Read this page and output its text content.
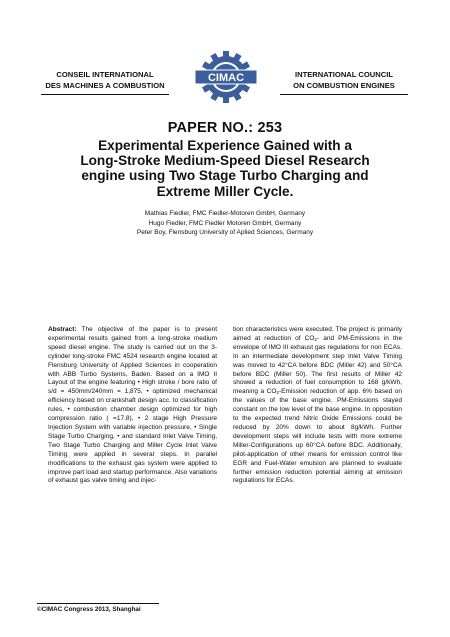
CONSEIL INTERNATIONAL
DES MACHINES A COMBUSTION
CIMAC	INTERNATIONAL COUNCIL
ON COMBUSTION ENGINES
PAPER NO.: 253
Experimental Experience Gained with a
Long-Stroke Medium-Speed Diesel Research
engine using Two Stage Turbo Charging and
Extreme Miller Cycle.
Mathias Fiedler, FMC Fiedler-Motoren GmbH, Germany
Hugo Fiedler, FMC Fiedler Motoren GmbH, Germany
Peter Boy, Flensburg University of Aplied Sciences, Germany

Abstract: The objective of the paper is to present experimental results gained from a long-stroke medium speed diesel engine. The study is carried out on the 3-cylinder long-stroke FMC 4524 research engine located at Flensburg University of Applied Sciences in cooperation with ABB Turbo Systems, Baden. Based on a IMO II Layout of the engine featuring • High stroke / bore ratio of s/d = 450mm/240mm = 1,875, • optimized mechanical efficiency based on crankshaft design acc. to classification rules, • combustion chamber design optimized for high compression ratio ( =17.8), • 2 stage High Pressure Injection System with variable injection pressure, • Single Stage Turbo Charging, • and standard Inlet Valve Timing, Two Stage Turbo Charging and Miller Cycle Inlet Valve Timing were applied in several steps. In parallel modifications to the exhaust gas system were applied to improve part load and startup performance. Also variations of exhaust gas valve timing and injec-

tion characteristics were executed. The project is primarily aimed at reduction of $CO_2-$ and PM-Emissions in the envelope of IMO III exhaust gas regulations for non ECAs. In an intermediate development step Inlet Valve Timing was moved to 42°CA before BDC (Miller 42) and 50°CA before BDC (Miller 50). The first results of Miller 42 showed a reduction of fuel consumption to 168 g/kWh, meaning a $CO_2$-Emission reduction of app. 6% based on the values of the base engine. PM-Emissions stayed constant on the low level of the base engine. In opposition to the expected trend Nitric Oxide Emissions could be reduced by 20% down to about 8g/kWh. Further development steps will include tests with more extreme Miller-Configurations up 60°CA before BDC. Additionally, pilot-application of other means for emission control like EGR and Fuel-Water emulsion are planned to evaluate further emission reduction potential aiming at emission regulations for ECAs.

©CIMAC Congress 2013, Shanghai
